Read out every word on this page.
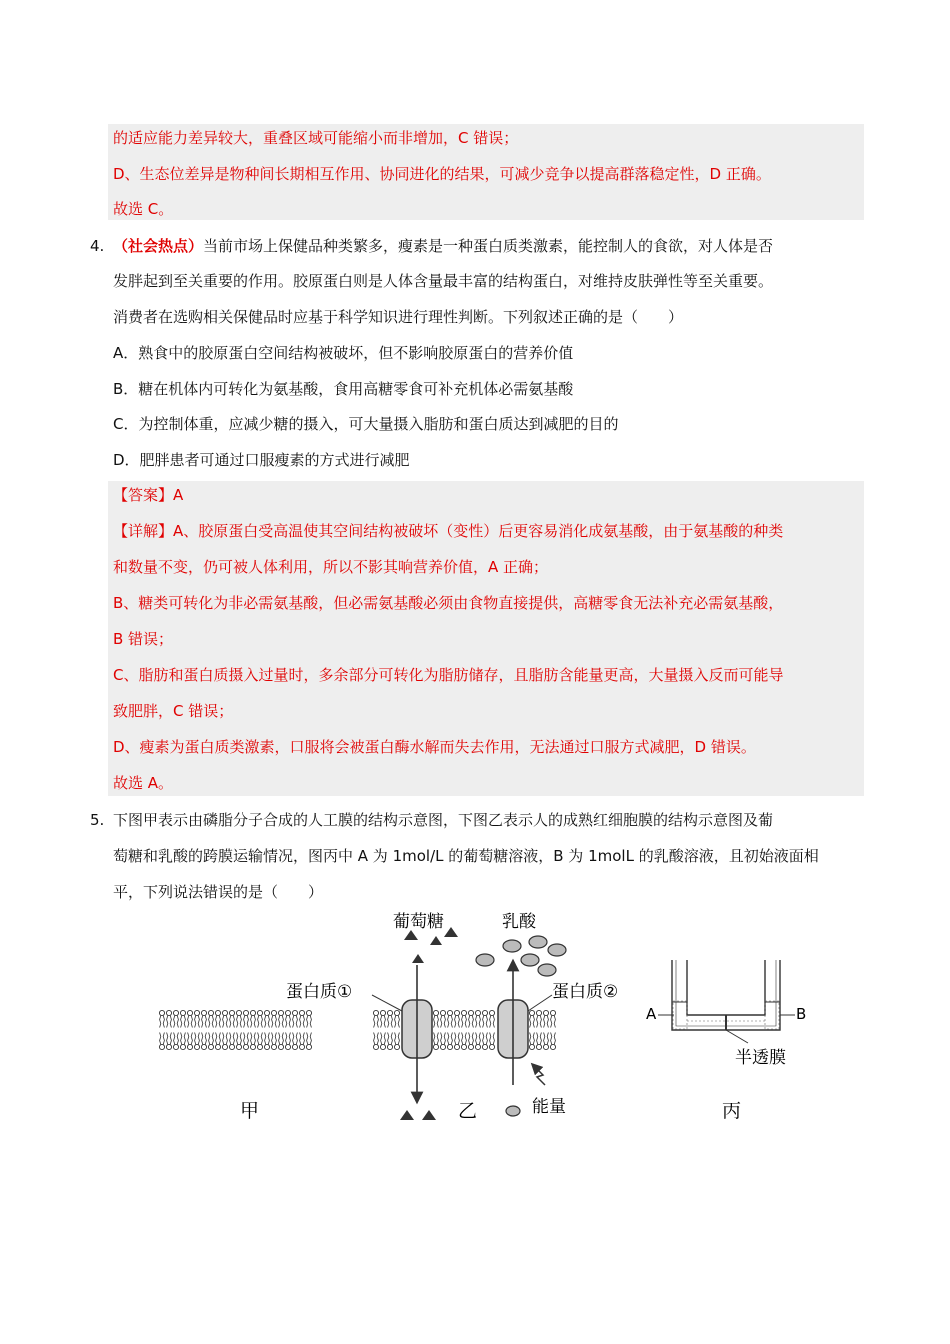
的适应能力差异较大，重叠区域可能缩小而非增加，C 错误；
D、生态位差异是物种间长期相互作用、协同进化的结果，可减少竞争以提高群落稳定性，D 正确。
故选 C。
4. （社会热点）当前市场上保健品种类繁多，瘦素是一种蛋白质类激素，能控制人的食欲，对人体是否
发胖起到至关重要的作用。胶原蛋白则是人体含量最丰富的结构蛋白，对维持皮肤弹性等至关重要。
消费者在选购相关保健品时应基于科学知识进行理性判断。下列叙述正确的是（　　）
A．熟食中的胶原蛋白空间结构被破坏，但不影响胶原蛋白的营养价值
B．糖在机体内可转化为氨基酸，食用高糖零食可补充机体必需氨基酸
C．为控制体重，应减少糖的摄入，可大量摄入脂肪和蛋白质达到减肥的目的
D．肥胖患者可通过口服瘦素的方式进行减肥
【答案】A
【详解】A、胶原蛋白受高温使其空间结构被破坏（变性）后更容易消化成氨基酸，由于氨基酸的种类
和数量不变，仍可被人体利用，所以不影其响营养价值，A 正确；
B、糖类可转化为非必需氨基酸，但必需氨基酸必须由食物直接提供，高糖零食无法补充必需氨基酸，
B 错误；
C、脂肪和蛋白质摄入过量时，多余部分可转化为脂肪储存，且脂肪含能量更高，大量摄入反而可能导
致肥胖，C 错误；
D、瘦素为蛋白质类激素，口服将会被蛋白酶水解而失去作用，无法通过口服方式减肥，D 错误。
故选 A。
5. 下图甲表示由磷脂分子合成的人工膜的结构示意图，下图乙表示人的成熟红细胞膜的结构示意图及葡
萄糖和乳酸的跨膜运输情况，图丙中 A 为 1mol/L 的葡萄糖溶液，B 为 1molL 的乳酸溶液，且初始液面相
平，下列说法错误的是（　　）
葡萄糖	乳酸
蛋白质①	蛋白质②
能量
A	B
半透膜
甲	乙	丙
